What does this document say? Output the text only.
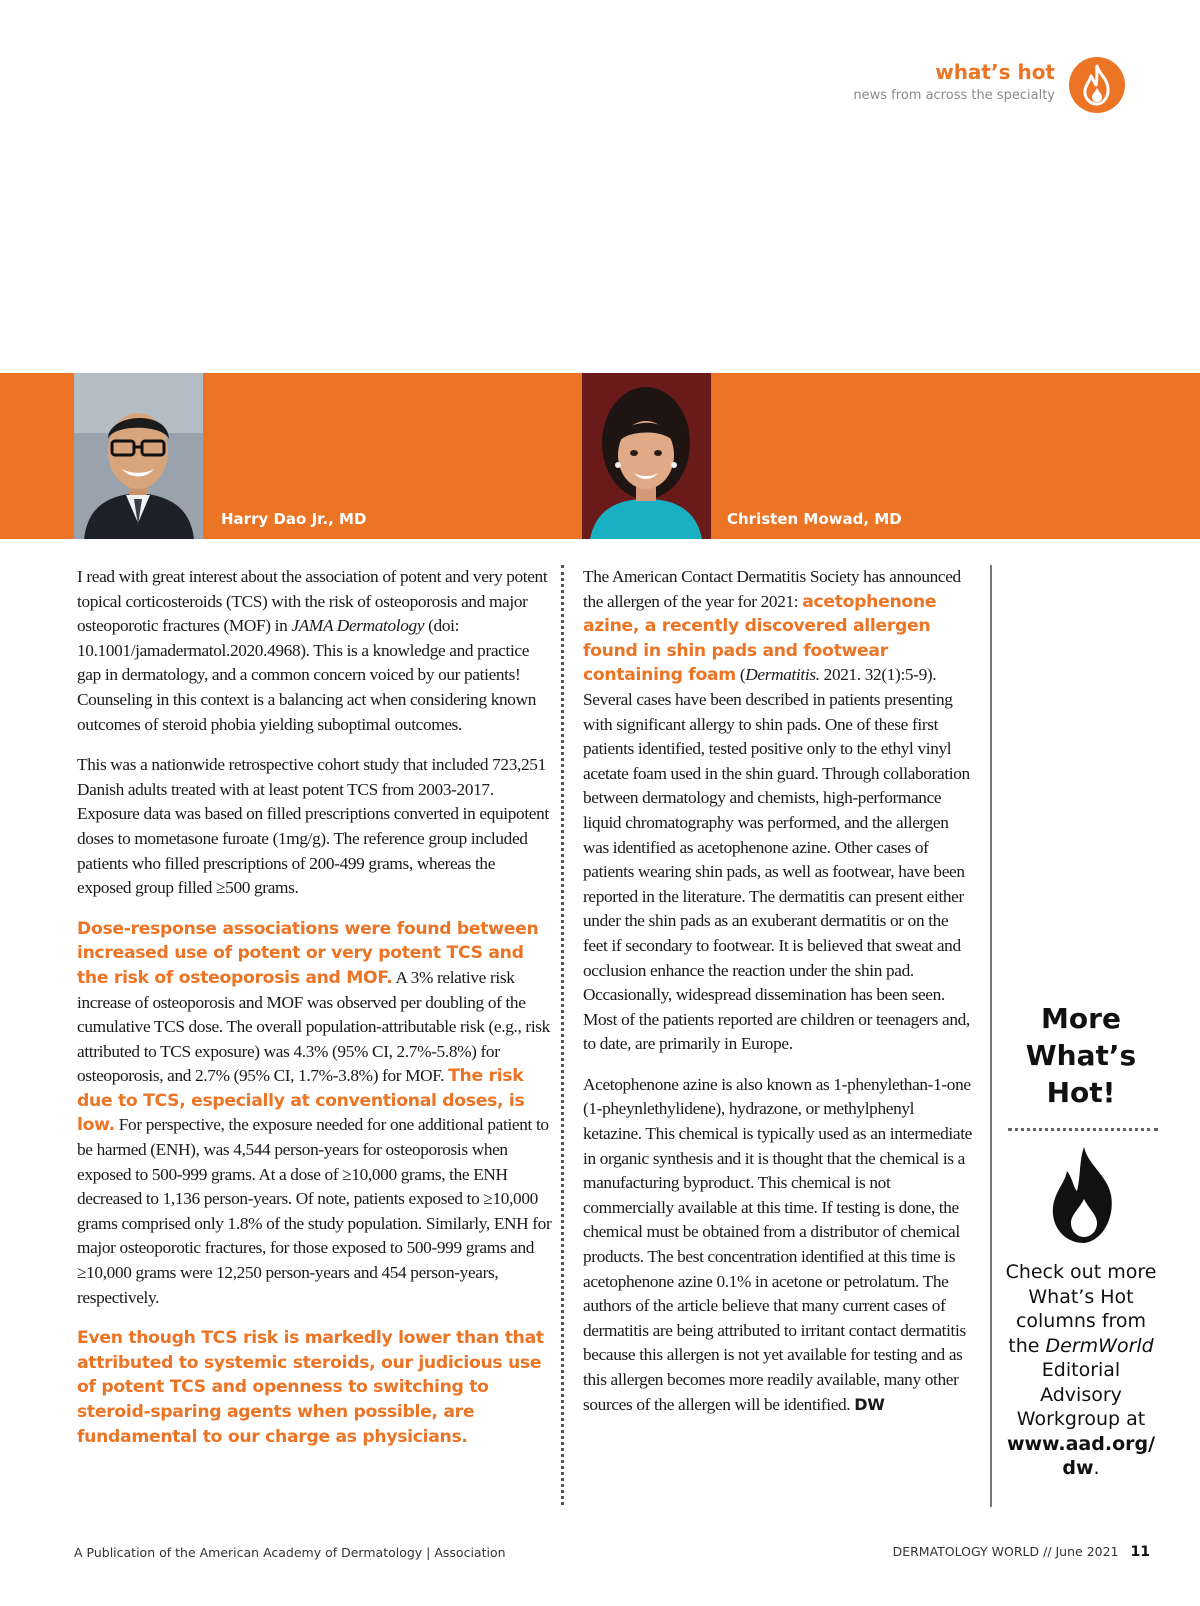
what’s hot
news from across the specialty
Harry Dao Jr., MD	Christen Mowad, MD

I read with great interest about the association of potent and very potent topical corticosteroids (TCS) with the risk of osteoporosis and major osteoporotic fractures (MOF) in JAMA Dermatology (doi: 10.1001/jamadermatol.2020.4968). This is a knowledge and practice gap in dermatology, and a common concern voiced by our patients! Counseling in this context is a balancing act when considering known outcomes of steroid phobia yielding suboptimal outcomes.

This was a nationwide retrospective cohort study that included 723,251 Danish adults treated with at least potent TCS from 2003-2017. Exposure data was based on filled prescriptions converted in equipotent doses to mometasone furoate (1mg/g). The reference group included patients who filled prescriptions of 200-499 grams, whereas the exposed group filled ≥500 grams.

Dose-response associations were found between increased use of potent or very potent TCS and the risk of osteoporosis and MOF. A 3% relative risk increase of osteoporosis and MOF was observed per doubling of the cumulative TCS dose. The overall population-attributable risk (e.g., risk attributed to TCS exposure) was 4.3% (95% CI, 2.7%-5.8%) for osteoporosis, and 2.7% (95% CI, 1.7%-3.8%) for MOF. The risk due to TCS, especially at conventional doses, is low. For perspective, the exposure needed for one additional patient to be harmed (ENH), was 4,544 person-years for osteoporosis when exposed to 500-999 grams. At a dose of ≥10,000 grams, the ENH decreased to 1,136 person-years. Of note, patients exposed to ≥10,000 grams comprised only 1.8% of the study population. Similarly, ENH for major osteoporotic fractures, for those exposed to 500-999 grams and ≥10,000 grams were 12,250 person-years and 454 person-years, respectively.

Even though TCS risk is markedly lower than that attributed to systemic steroids, our judicious use of potent TCS and openness to switching to steroid-sparing agents when possible, are fundamental to our charge as physicians.

The American Contact Dermatitis Society has announced the allergen of the year for 2021: acetophenone azine, a recently discovered allergen found in shin pads and footwear containing foam (Dermatitis. 2021. 32(1):5-9). Several cases have been described in patients presenting with significant allergy to shin pads. One of these first patients identified, tested positive only to the ethyl vinyl acetate foam used in the shin guard. Through collaboration between dermatology and chemists, high-performance liquid chromatography was performed, and the allergen was identified as acetophenone azine. Other cases of patients wearing shin pads, as well as footwear, have been reported in the literature. The dermatitis can present either under the shin pads as an exuberant dermatitis or on the feet if secondary to footwear. It is believed that sweat and occlusion enhance the reaction under the shin pad. Occasionally, widespread dissemination has been seen. Most of the patients reported are children or teenagers and, to date, are primarily in Europe.

Acetophenone azine is also known as 1-phenylethan-1-one (1-pheynlethylidene), hydrazone, or methylphenyl ketazine. This chemical is typically used as an intermediate in organic synthesis and it is thought that the chemical is a manufacturing byproduct. This chemical is not commercially available at this time. If testing is done, the chemical must be obtained from a distributor of chemical products. The best concentration identified at this time is acetophenone azine 0.1% in acetone or petrolatum. The authors of the article believe that many current cases of dermatitis are being attributed to irritant contact dermatitis because this allergen is not yet available for testing and as this allergen becomes more readily available, many other sources of the allergen will be identified. DW

More What’s Hot!
Check out more What’s Hot columns from the DermWorld Editorial Advisory Workgroup at www.aad.org/ dw.
A Publication of the American Academy of Dermatology | Association	DERMATOLOGY WORLD // June 2021 11
